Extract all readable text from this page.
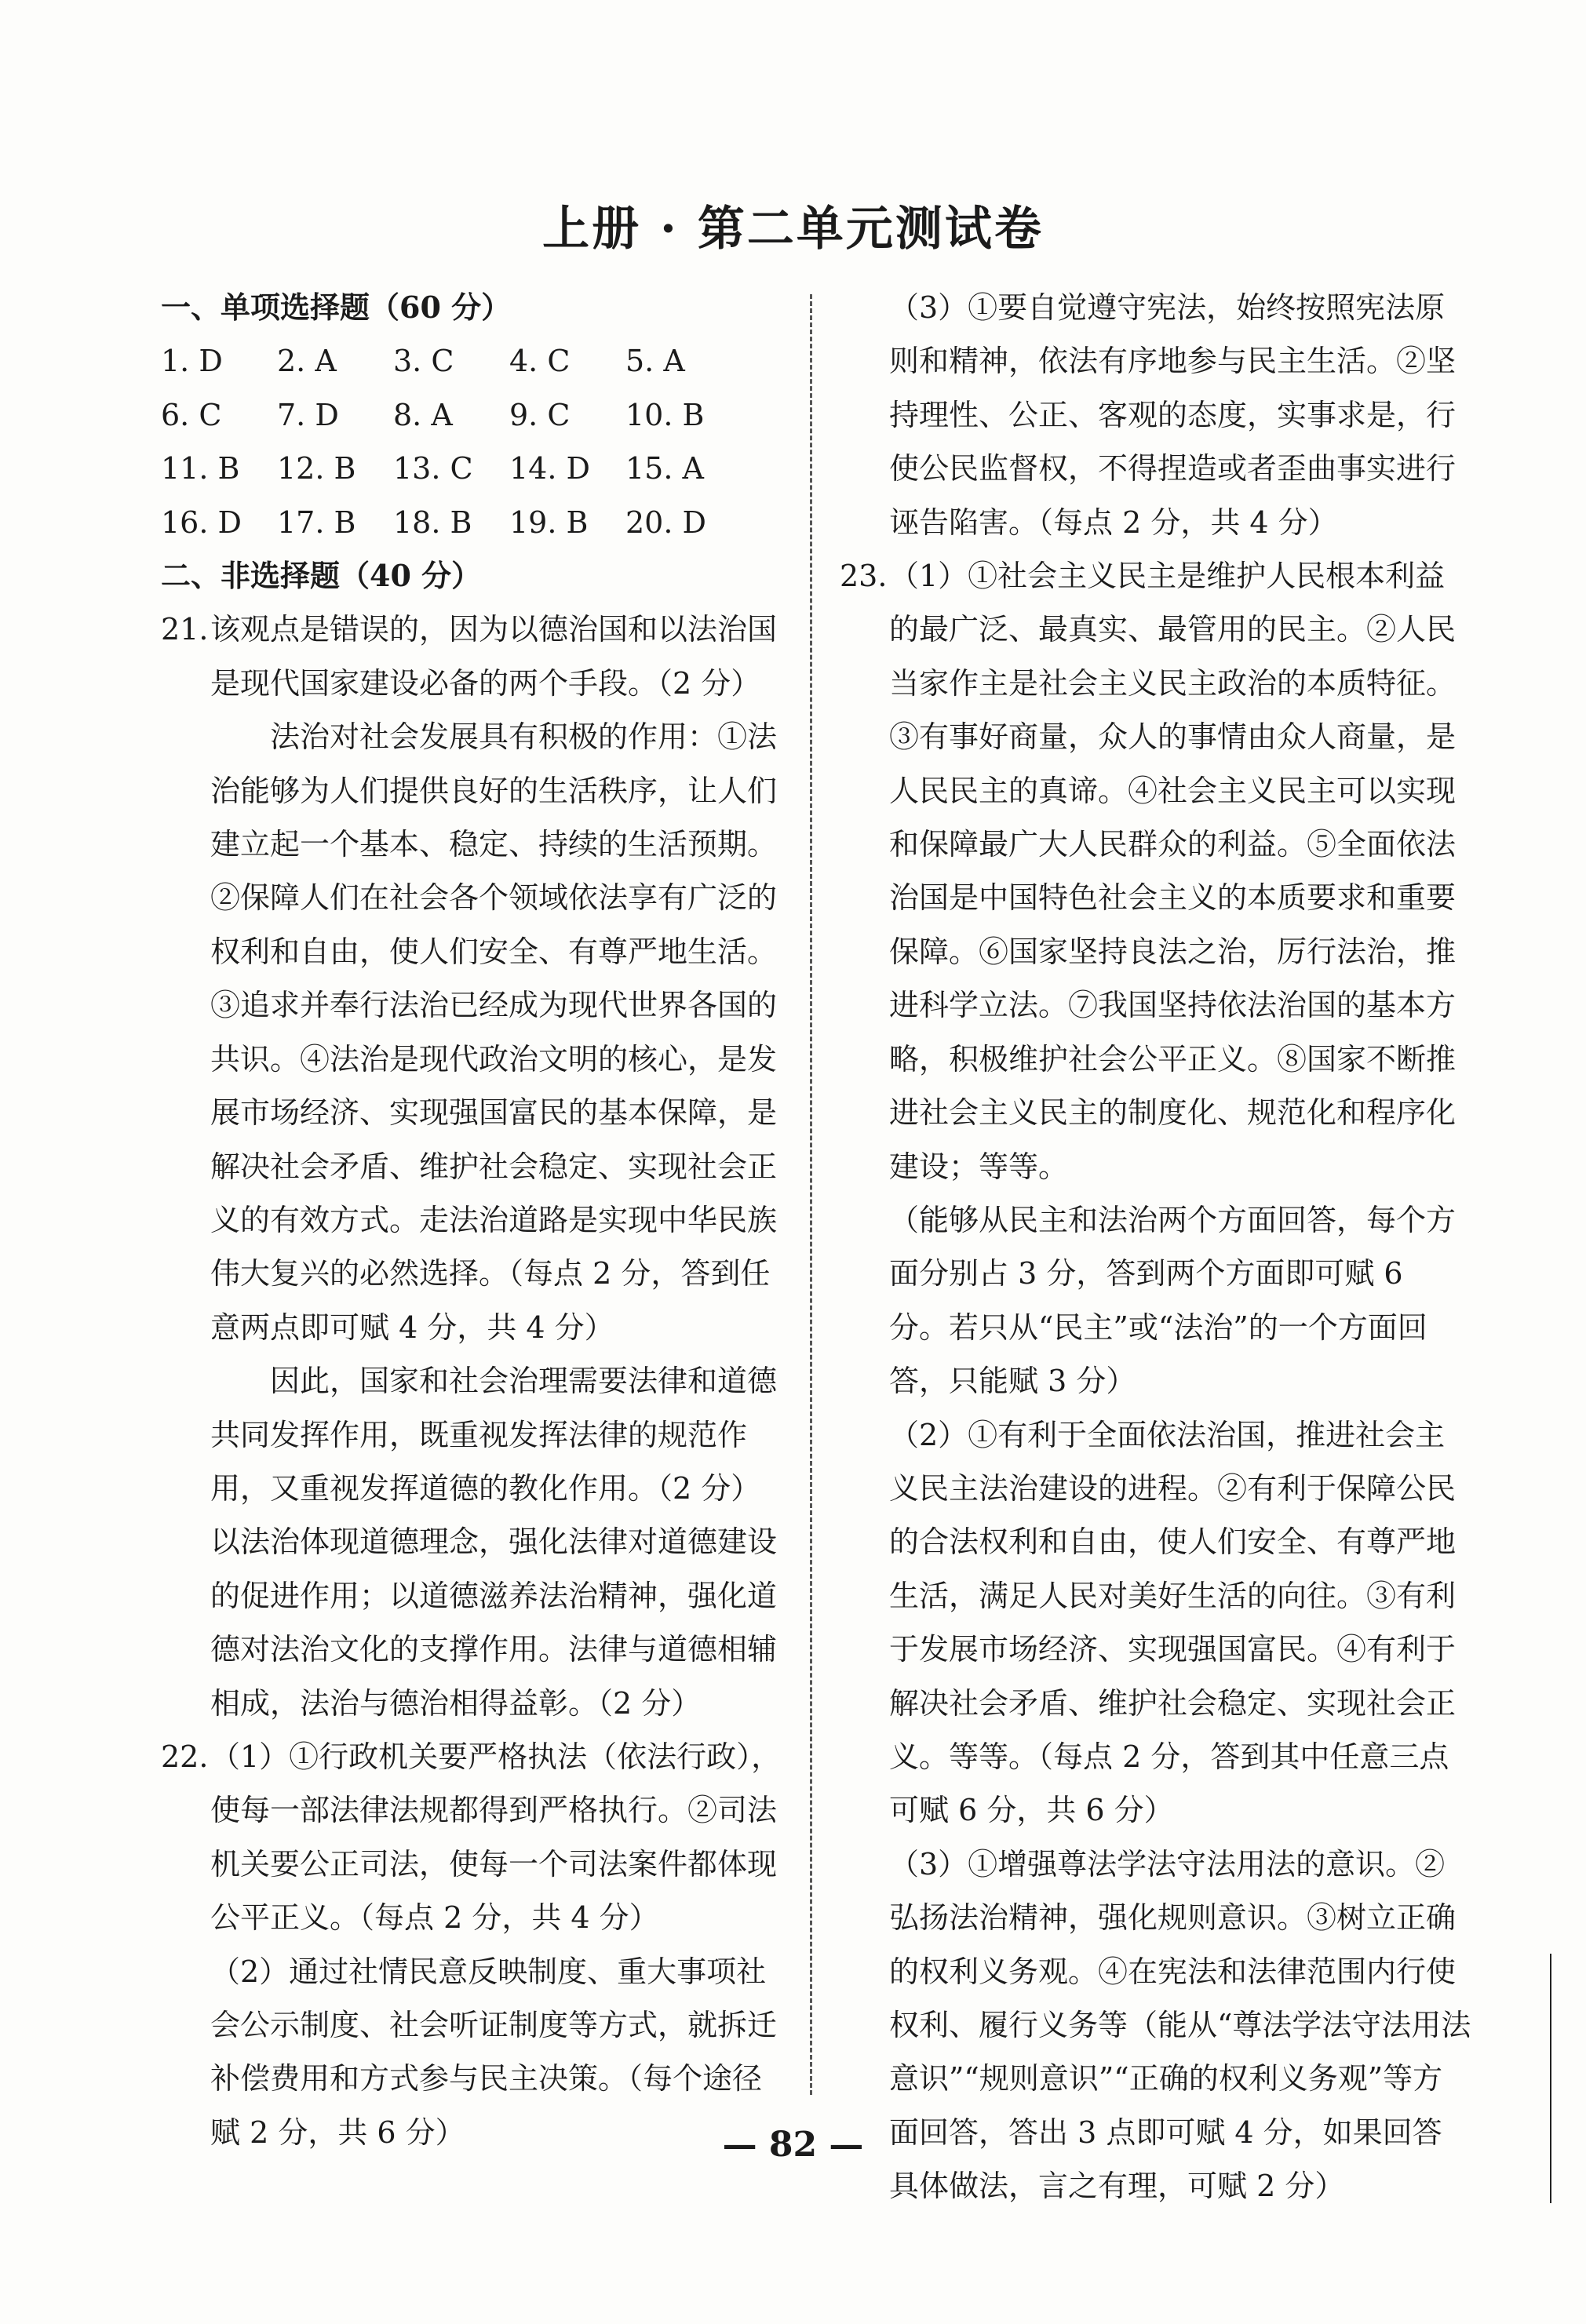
上册 · 第二单元测试卷

一、单项选择题（60 分）

1. D	2. A	3. C	4. C	5. A
6. C	7. D	8. A	9. C	10. B
11. B	12. B	13. C	14. D	15. A
16. D	17. B	18. B	19. B	20. D

二、非选择题（40 分）

21. 该观点是错误的，因为以德治国和以法治国是现代国家建设必备的两个手段。（2 分）

法治对社会发展具有积极的作用：①法治能够为人们提供良好的生活秩序，让人们建立起一个基本、稳定、持续的生活预期。②保障人们在社会各个领域依法享有广泛的权利和自由，使人们安全、有尊严地生活。③追求并奉行法治已经成为现代世界各国的共识。④法治是现代政治文明的核心，是发展市场经济、实现强国富民的基本保障，是解决社会矛盾、维护社会稳定、实现社会正义的有效方式。走法治道路是实现中华民族伟大复兴的必然选择。（每点 2 分，答到任意两点即可赋 4 分，共 4 分）

因此，国家和社会治理需要法律和道德共同发挥作用，既重视发挥法律的规范作用，又重视发挥道德的教化作用。（2 分）以法治体现道德理念，强化法律对道德建设的促进作用；以道德滋养法治精神，强化道德对法治文化的支撑作用。法律与道德相辅相成，法治与德治相得益彰。（2 分）

22. （1）①行政机关要严格执法（依法行政），使每一部法律法规都得到严格执行。②司法机关要公正司法，使每一个司法案件都体现公平正义。（每点 2 分，共 4 分）

（2）通过社情民意反映制度、重大事项社会公示制度、社会听证制度等方式，就拆迁补偿费用和方式参与民主决策。（每个途径赋 2 分，共 6 分）

（3）①要自觉遵守宪法，始终按照宪法原则和精神，依法有序地参与民主生活。②坚持理性、公正、客观的态度，实事求是，行使公民监督权，不得捏造或者歪曲事实进行诬告陷害。（每点 2 分，共 4 分）

23. （1）①社会主义民主是维护人民根本利益的最广泛、最真实、最管用的民主。②人民当家作主是社会主义民主政治的本质特征。③有事好商量，众人的事情由众人商量，是人民民主的真谛。④社会主义民主可以实现和保障最广大人民群众的利益。⑤全面依法治国是中国特色社会主义的本质要求和重要保障。⑥国家坚持良法之治，厉行法治，推进科学立法。⑦我国坚持依法治国的基本方略，积极维护社会公平正义。⑧国家不断推进社会主义民主的制度化、规范化和程序化建设；等等。

（能够从民主和法治两个方面回答，每个方面分别占 3 分，答到两个方面即可赋 6 分。若只从“民主”或“法治”的一个方面回答，只能赋 3 分）

（2）①有利于全面依法治国，推进社会主义民主法治建设的进程。②有利于保障公民的合法权利和自由，使人们安全、有尊严地生活，满足人民对美好生活的向往。③有利于发展市场经济、实现强国富民。④有利于解决社会矛盾、维护社会稳定、实现社会正义。等等。（每点 2 分，答到其中任意三点可赋 6 分，共 6 分）

（3）①增强尊法学法守法用法的意识。②弘扬法治精神，强化规则意识。③树立正确的权利义务观。④在宪法和法律范围内行使权利、履行义务等（能从“尊法学法守法用法意识”“规则意识”“正确的权利义务观”等方面回答，答出 3 点即可赋 4 分，如果回答具体做法，言之有理，可赋 2 分）

— 82 —
